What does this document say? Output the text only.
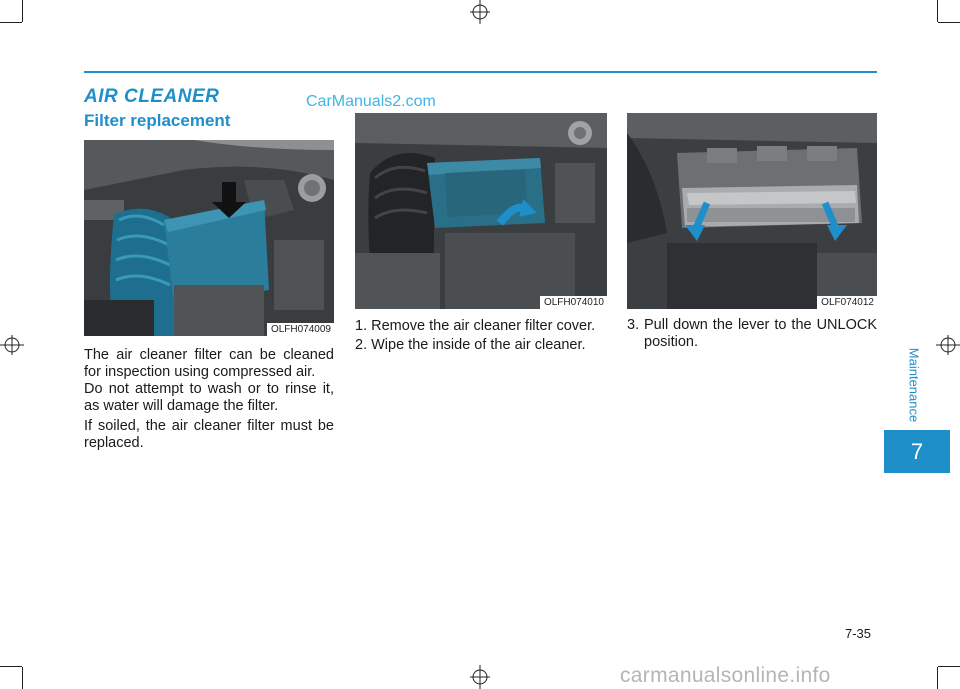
AIR CLEANER	CarManuals2.com
Filter replacement
OLFH074009
OLFH074010	OLF074012

The air cleaner filter can be cleaned for inspection using compressed air.

Do not attempt to wash or to rinse it, as water will damage the filter.

If soiled, the air cleaner filter must be replaced.

1. Remove the air cleaner filter cover.

2. Wipe the inside of the air cleaner.

3. Pull down the lever to the UNLOCK position.

Maintenance
7
7-35
carmanualsonline.info
